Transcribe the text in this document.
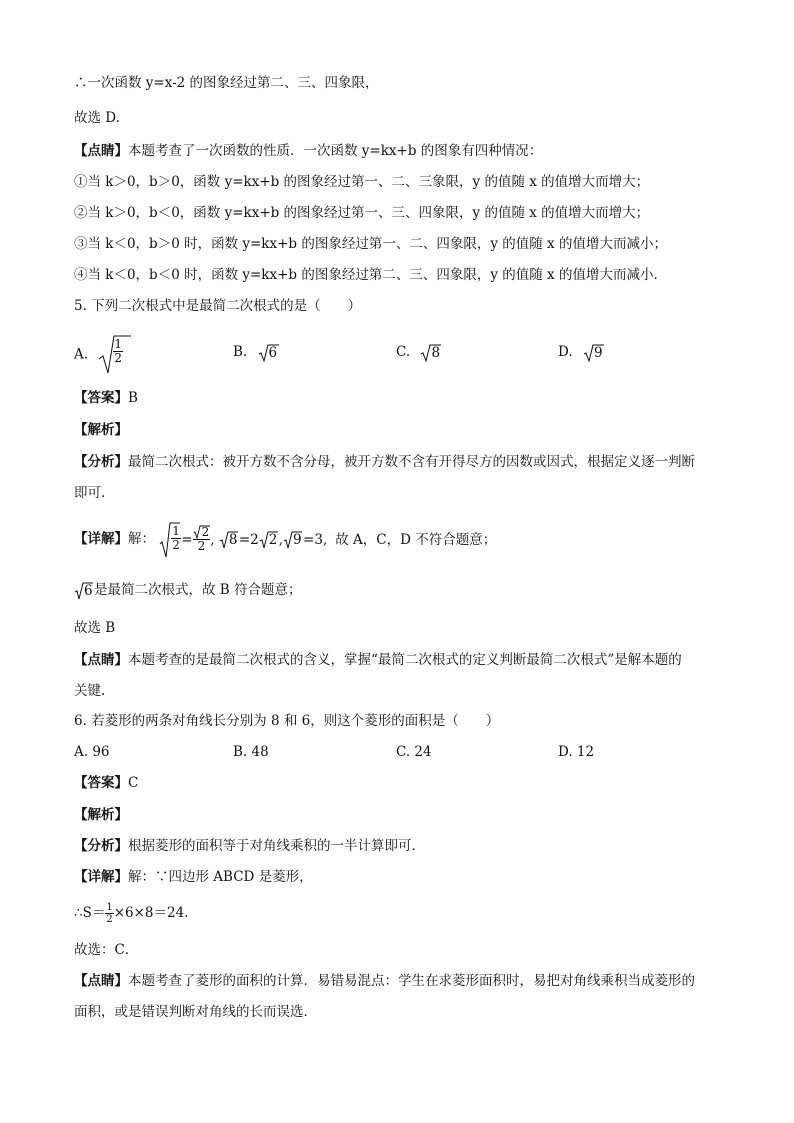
∴一次函数 y=x-2 的图象经过第二、三、四象限，
故选 D.
【点睛】本题考查了一次函数的性质．一次函数 y=kx+b 的图象有四种情况：
①当 k＞0，b＞0，函数 y=kx+b 的图象经过第一、二、三象限，y 的值随 x 的值增大而增大；
②当 k＞0，b＜0，函数 y=kx+b 的图象经过第一、三、四象限，y 的值随 x 的值增大而增大；
③当 k＜0，b＞0 时，函数 y=kx+b 的图象经过第一、二、四象限，y 的值随 x 的值增大而减小；
④当 k＜0，b＜0 时，函数 y=kx+b 的图象经过第二、三、四象限，y 的值随 x 的值增大而减小．
5. 下列二次根式中是最简二次根式的是（　　）
A. $\frac{1}{2}$	B. 6	C. 8	D. 9
【答案】B
【解析】
【分析】最简二次根式：被开方数不含分母，被开方数不含有开得尽方的因数或因式，根据定义逐一判断
即可.
【详解】解： $\frac{1}{2} = \frac{2}{2}$ , 8 =2 2 , 9 =3, 故 A，C，D 不符合题意；
6 是最简二次根式，故 B 符合题意；
故选 B
【点睛】本题考查的是最简二次根式的含义，掌握“最简二次根式的定义判断最简二次根式”是解本题的
关键.
6. 若菱形的两条对角线长分别为 8 和 6，则这个菱形的面积是（　　）
A. 96	B. 48	C. 24	D. 12
【答案】C
【解析】
【分析】根据菱形的面积等于对角线乘积的一半计算即可．
【详解】解：∵四边形 ABCD 是菱形，
∴S＝ $\frac{1}{2} \times 6\times 8=24$．
故选：C．
【点睛】本题考查了菱形的面积的计算．易错易混点：学生在求菱形面积时，易把对角线乘积当成菱形的
面积，或是错误判断对角线的长而误选．
